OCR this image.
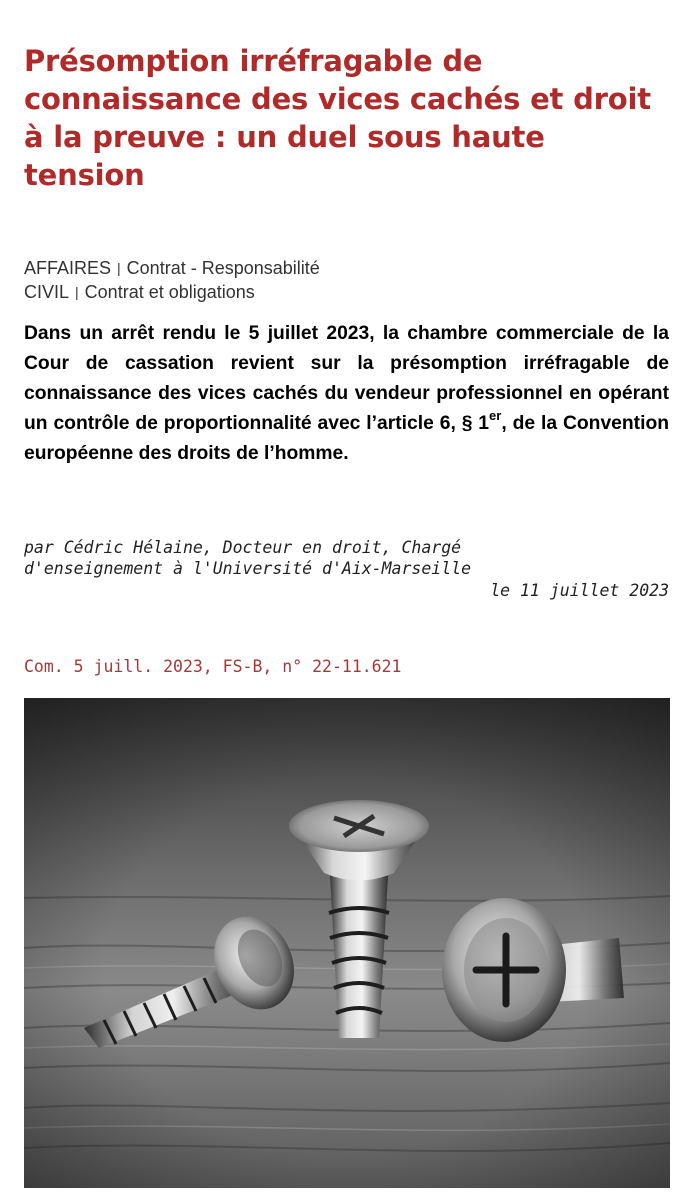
Présomption irréfragable de connaissance des vices cachés et droit à la preuve : un duel sous haute tension
AFFAIRES | Contrat - Responsabilité
CIVIL | Contrat et obligations

Dans un arrêt rendu le 5 juillet 2023, la chambre commerciale de la Cour de cassation revient sur la présomption irréfragable de connaissance des vices cachés du vendeur professionnel en opérant un contrôle de proportionnalité avec l’article 6, § 1er, de la Convention européenne des droits de l’homme.

par Cédric Hélaine, Docteur en droit, Chargé
d'enseignement à l'Université d'Aix-Marseille
le 11 juillet 2023
Com. 5 juill. 2023, FS-B, n° 22-11.621
